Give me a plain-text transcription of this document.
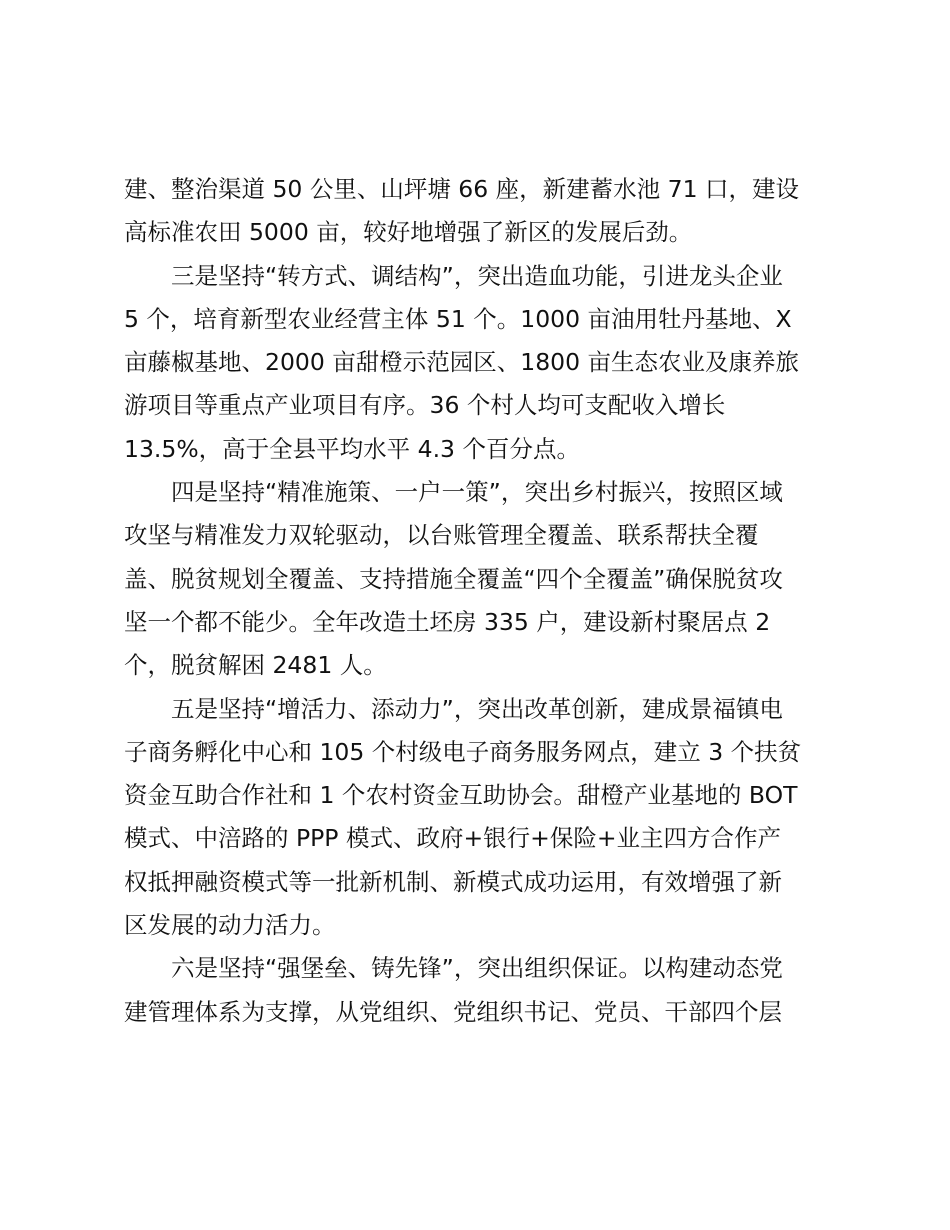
建、整治渠道 50 公里、山坪塘 66 座，新建蓄水池 71 口，建设
高标准农田 5000 亩，较好地增强了新区的发展后劲。
三是坚持“转方式、调结构”，突出造血功能，引进龙头企业
5 个，培育新型农业经营主体 51 个。1000 亩油用牡丹基地、X
亩藤椒基地、2000 亩甜橙示范园区、1800 亩生态农业及康养旅
游项目等重点产业项目有序。36 个村人均可支配收入增长
13.5%，高于全县平均水平 4.3 个百分点。
四是坚持“精准施策、一户一策”，突出乡村振兴，按照区域
攻坚与精准发力双轮驱动，以台账管理全覆盖、联系帮扶全覆
盖、脱贫规划全覆盖、支持措施全覆盖“四个全覆盖”确保脱贫攻
坚一个都不能少。全年改造土坯房 335 户，建设新村聚居点 2
个，脱贫解困 2481 人。
五是坚持“增活力、添动力”，突出改革创新，建成景福镇电
子商务孵化中心和 105 个村级电子商务服务网点，建立 3 个扶贫
资金互助合作社和 1 个农村资金互助协会。甜橙产业基地的 BOT
模式、中涪路的 PPP 模式、政府+银行+保险+业主四方合作产
权抵押融资模式等一批新机制、新模式成功运用，有效增强了新
区发展的动力活力。
六是坚持“强堡垒、铸先锋”，突出组织保证。以构建动态党
建管理体系为支撑，从党组织、党组织书记、党员、干部四个层
